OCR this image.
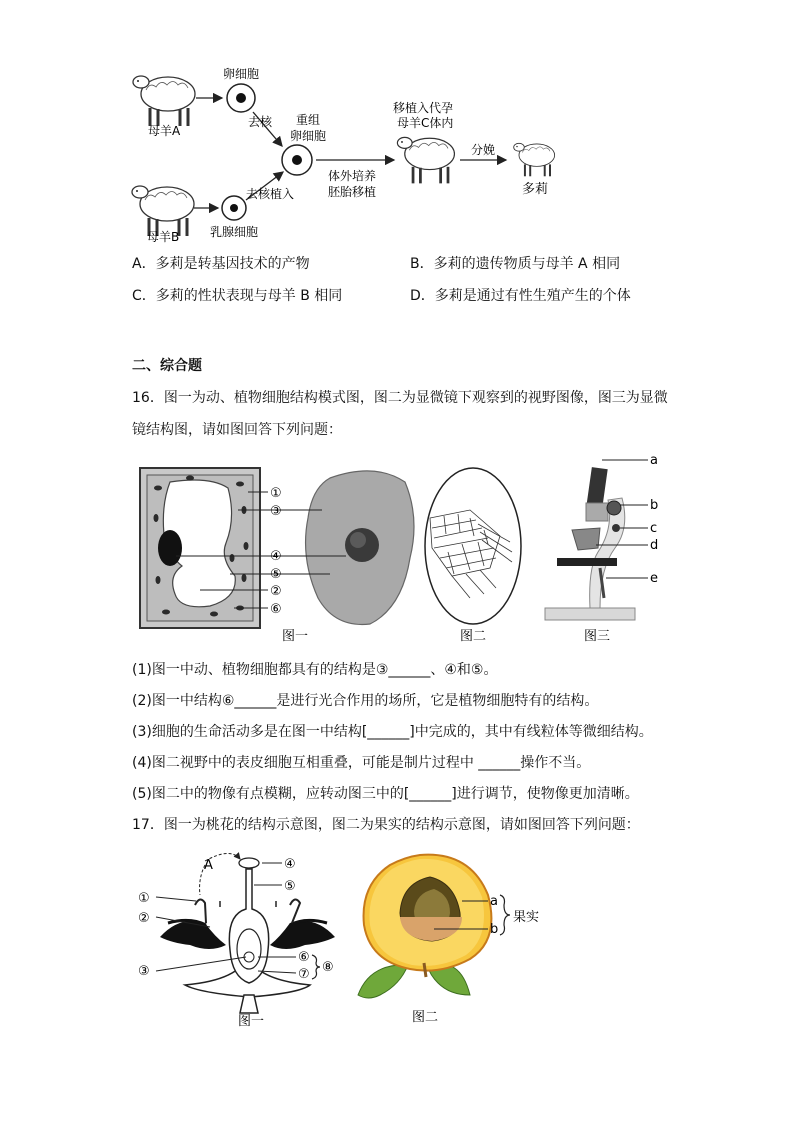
母羊A
卵细胞
去核 重组
卵细胞
母羊B	乳腺细胞
去核植入
体外培养
胚胎移植
移植入代孕
母羊C体内
分娩
多莉
A．多莉是转基因技术的产物	B．多莉的遗传物质与母羊 A 相同
C．多莉的性状表现与母羊 B 相同	D．多莉是通过有性生殖产生的个体
二、综合题
16．图一为动、植物细胞结构模式图，图二为显微镜下观察到的视野图像，图三为显微
镜结构图，请如图回答下列问题：
①
③
④
⑤
②
⑥
图一	图二
a
b
c
d
e
图三
(1)图一中动、植物细胞都具有的结构是③______、④和⑤。
(2)图一中结构⑥______是进行光合作用的场所，它是植物细胞特有的结构。
(3)细胞的生命活动多是在图一中结构[______]中完成的，其中有线粒体等微细结构。
(4)图二视野中的表皮细胞互相重叠，可能是制片过程中 ______操作不当。
(5)图二中的物像有点模糊，应转动图三中的[______]进行调节，使物像更加清晰。
17．图一为桃花的结构示意图，图二为果实的结构示意图，请如图回答下列问题：
A	④
⑤
①
②
③
⑥
⑦ ⑧
图一
a
b
果实
图二
